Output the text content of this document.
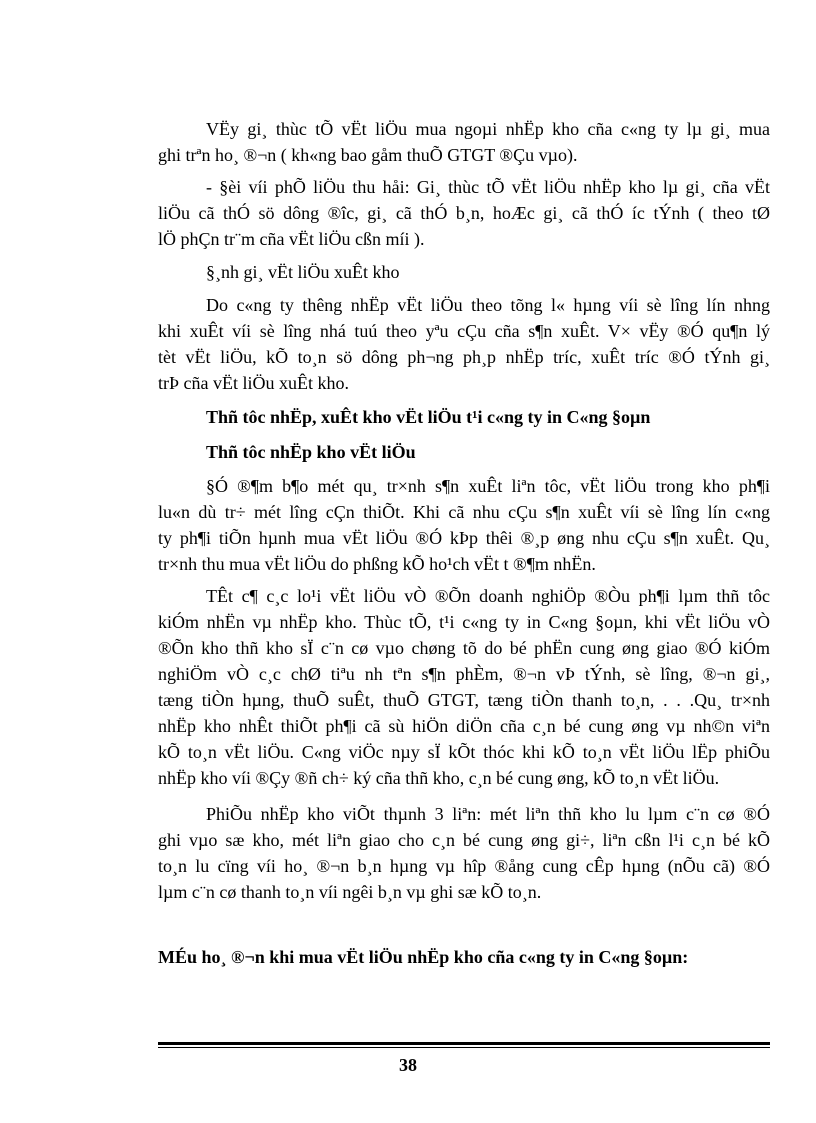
VËy gi¸ thùc tÕ vËt liÖu mua ngoµi nhËp kho cña c«ng ty lµ gi¸ mua
ghi trªn ho¸ ®¬n ( kh«ng bao gåm thuÕ GTGT ®Çu vµo).
- §èi víi phÕ liÖu thu håi: Gi¸ thùc tÕ vËt liÖu nhËp kho lµ gi¸ cña vËt
liÖu cã thÓ sö dông ®îc, gi¸ cã thÓ b¸n, hoÆc gi¸ cã thÓ íc tÝnh ( theo tØ
lÖ phÇn tr¨m cña vËt liÖu cßn míi ).
§¸nh gi¸ vËt liÖu xuÊt kho
Do c«ng ty thêng nhËp vËt liÖu theo tõng l« hµng víi sè lîng lín nhng
khi xuÊt víi sè lîng nhá tuú theo yªu cÇu cña s¶n xuÊt. V× vËy ®Ó qu¶n lý
tèt vËt liÖu, kÕ to¸n sö dông ph¬ng ph¸p nhËp tríc, xuÊt tríc ®Ó tÝnh gi¸
trÞ cña vËt liÖu xuÊt kho.
Thñ tôc nhËp, xuÊt kho vËt liÖu t¹i c«ng ty in C«ng §oµn
Thñ tôc nhËp kho vËt liÖu
§Ó ®¶m b¶o mét qu¸ tr×nh s¶n xuÊt liªn tôc, vËt liÖu trong kho ph¶i
lu«n dù tr÷ mét lîng cÇn thiÕt. Khi cã nhu cÇu s¶n xuÊt víi sè lîng lín c«ng
ty ph¶i tiÕn hµnh mua vËt liÖu ®Ó kÞp thêi ®¸p øng nhu cÇu s¶n xuÊt. Qu¸
tr×nh thu mua vËt liÖu do phßng kÕ ho¹ch vËt t ®¶m nhËn.
TÊt c¶ c¸c lo¹i vËt liÖu vÒ ®Õn doanh nghiÖp ®Òu ph¶i lµm thñ tôc
kiÓm nhËn vµ nhËp kho. Thùc tÕ, t¹i c«ng ty in C«ng §oµn, khi vËt liÖu vÒ
®Õn kho thñ kho sÏ c¨n cø vµo chøng tõ do bé phËn cung øng giao ®Ó kiÓm
nghiÖm vÒ c¸c chØ tiªu nh tªn s¶n phÈm, ®¬n vÞ tÝnh, sè lîng, ®¬n gi¸,
tæng tiÒn hµng, thuÕ suÊt, thuÕ GTGT, tæng tiÒn thanh to¸n, . . .Qu¸ tr×nh
nhËp kho nhÊt thiÕt ph¶i cã sù hiÖn diÖn cña c¸n bé cung øng vµ nh©n viªn
kÕ to¸n vËt liÖu. C«ng viÖc nµy sÏ kÕt thóc khi kÕ to¸n vËt liÖu lËp phiÕu
nhËp kho víi ®Çy ®ñ ch÷ ký cña thñ kho, c¸n bé cung øng, kÕ to¸n vËt liÖu.
PhiÕu nhËp kho viÕt thµnh 3 liªn: mét liªn thñ kho lu lµm c¨n cø ®Ó
ghi vµo sæ kho, mét liªn giao cho c¸n bé cung øng gi÷, liªn cßn l¹i c¸n bé kÕ
to¸n lu cïng víi ho¸ ®¬n b¸n hµng vµ hîp ®ång cung cÊp hµng (nÕu cã) ®Ó
lµm c¨n cø thanh to¸n víi ngêi b¸n vµ ghi sæ kÕ to¸n.
MÉu ho¸ ®¬n khi mua vËt liÖu nhËp kho cña c«ng ty in C«ng §oµn:
38
